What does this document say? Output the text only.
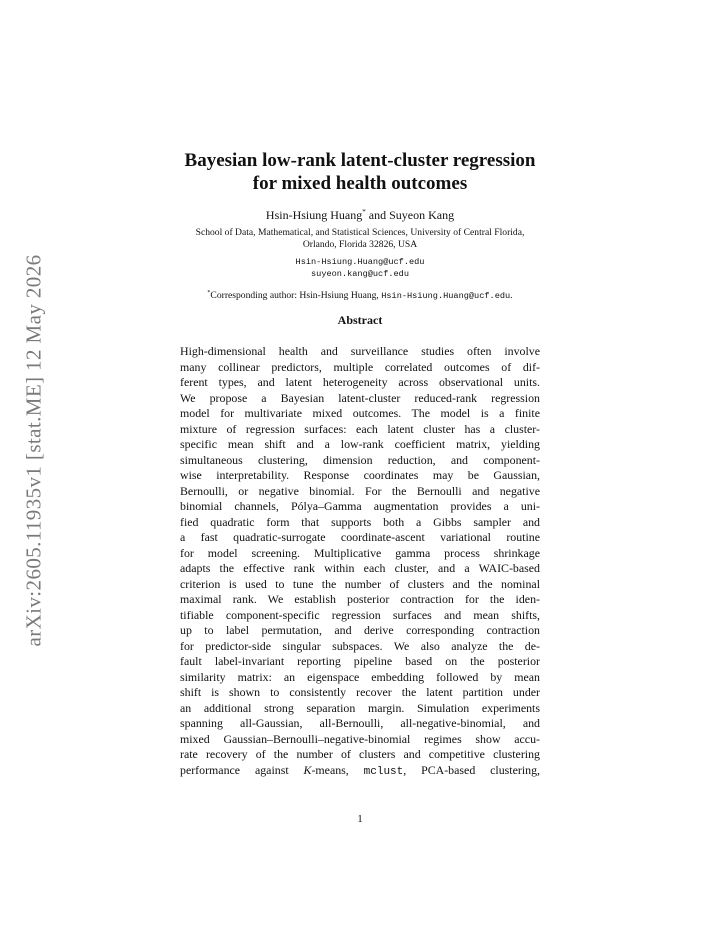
arXiv:2605.11935v1 [stat.ME] 12 May 2026
Bayesian low-rank latent-cluster regression
for mixed health outcomes
Hsin-Hsiung Huang* and Suyeon Kang
School of Data, Mathematical, and Statistical Sciences, University of Central Florida,
Orlando, Florida 32826, USA
Hsin-Hsiung.Huang@ucf.edu
suyeon.kang@ucf.edu
*Corresponding author: Hsin-Hsiung Huang, Hsin-Hsiung.Huang@ucf.edu.
Abstract
High-dimensional health and surveillance studies often involve
many collinear predictors, multiple correlated outcomes of dif-
ferent types, and latent heterogeneity across observational units.
We propose a Bayesian latent-cluster reduced-rank regression
model for multivariate mixed outcomes. The model is a finite
mixture of regression surfaces: each latent cluster has a cluster-
specific mean shift and a low-rank coefficient matrix, yielding
simultaneous clustering, dimension reduction, and component-
wise interpretability. Response coordinates may be Gaussian,
Bernoulli, or negative binomial. For the Bernoulli and negative
binomial channels, Pólya–Gamma augmentation provides a uni-
fied quadratic form that supports both a Gibbs sampler and
a fast quadratic-surrogate coordinate-ascent variational routine
for model screening. Multiplicative gamma process shrinkage
adapts the effective rank within each cluster, and a WAIC-based
criterion is used to tune the number of clusters and the nominal
maximal rank. We establish posterior contraction for the iden-
tifiable component-specific regression surfaces and mean shifts,
up to label permutation, and derive corresponding contraction
for predictor-side singular subspaces. We also analyze the de-
fault label-invariant reporting pipeline based on the posterior
similarity matrix: an eigenspace embedding followed by mean
shift is shown to consistently recover the latent partition under
an additional strong separation margin. Simulation experiments
spanning all-Gaussian, all-Bernoulli, all-negative-binomial, and
mixed Gaussian–Bernoulli–negative-binomial regimes show accu-
rate recovery of the number of clusters and competitive clustering
performance against K-means, mclust, PCA-based clustering,
1
